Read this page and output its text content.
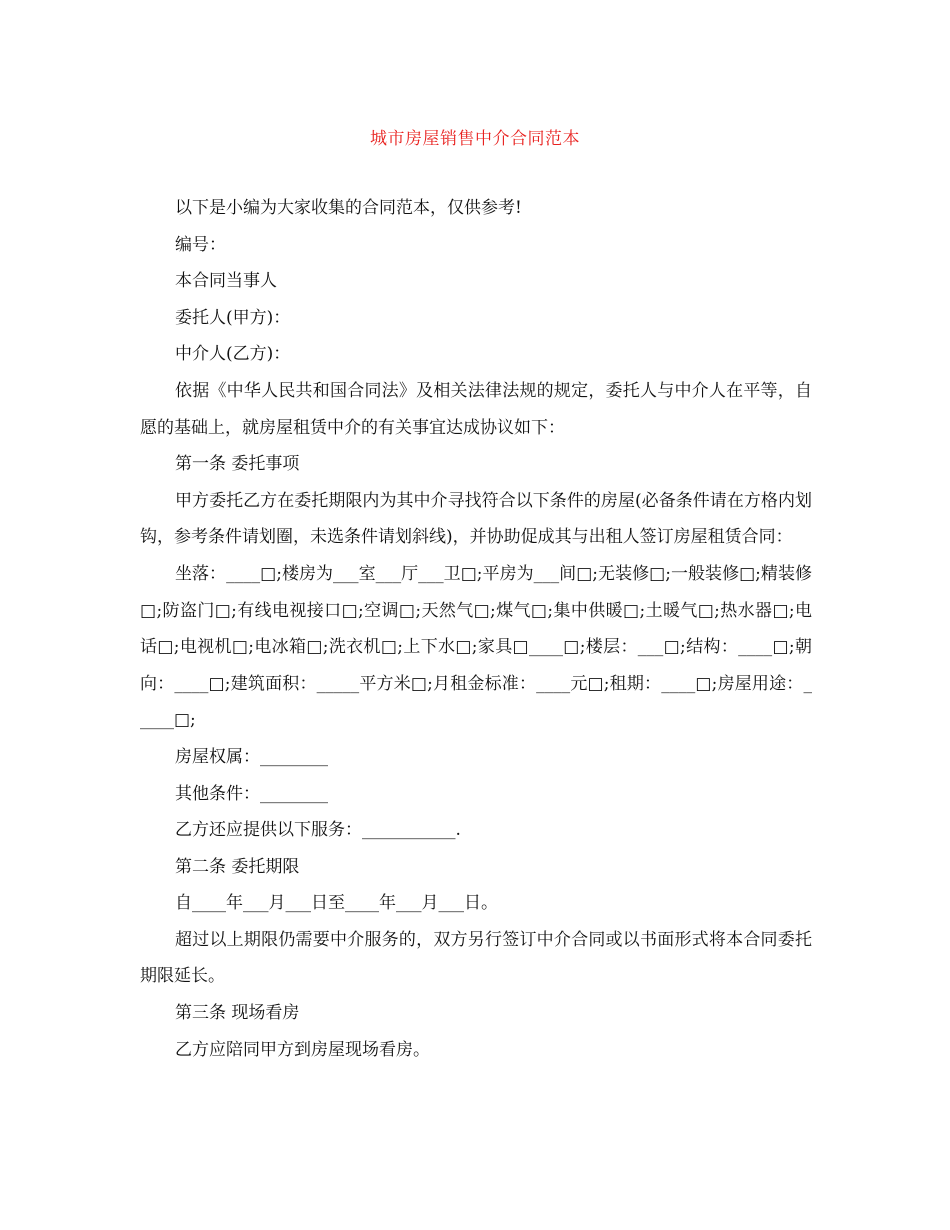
城市房屋销售中介合同范本

以下是小编为大家收集的合同范本，仅供参考!

编号：

本合同当事人

委托人(甲方)：

中介人(乙方)：

依据《中华人民共和国合同法》及相关法律法规的规定，委托人与中介人在平等，自愿的基础上，就房屋租赁中介的有关事宜达成协议如下：

第一条 委托事项

甲方委托乙方在委托期限内为其中介寻找符合以下条件的房屋(必备条件请在方格内划钩，参考条件请划圈，未选条件请划斜线)，并协助促成其与出租人签订房屋租赁合同：

坐落：____□;楼房为___室___厅___卫□;平房为___间□;无装修□;一般装修□;精装修□;防盗门□;有线电视接口□;空调□;天然气□;煤气□;集中供暖□;土暖气□;热水器□;电话□;电视机□;电冰箱□;洗衣机□;上下水□;家具□____□;楼层：___□;结构：____□;朝向：____□;建筑面积：_____平方米□;月租金标准：____元□;租期：____□;房屋用途：_____□;

房屋权属：________

其他条件：________

乙方还应提供以下服务：___________.

第二条 委托期限

自____年___月___日至____年___月___日。

超过以上期限仍需要中介服务的，双方另行签订中介合同或以书面形式将本合同委托期限延长。

第三条 现场看房

乙方应陪同甲方到房屋现场看房。
